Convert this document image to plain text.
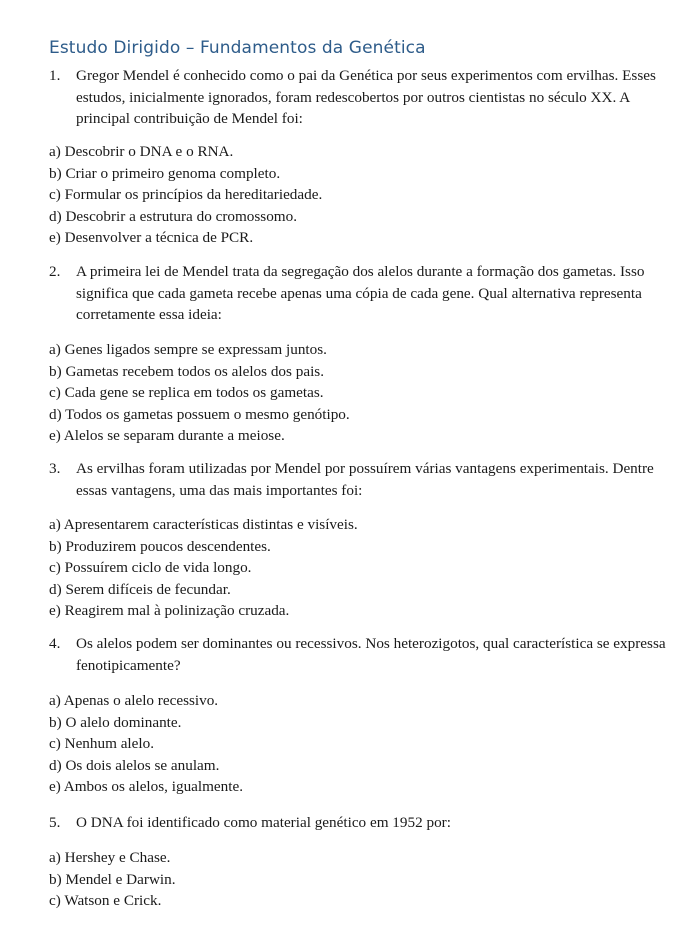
Estudo Dirigido – Fundamentos da Genética
1. Gregor Mendel é conhecido como o pai da Genética por seus experimentos com ervilhas. Esses estudos, inicialmente ignorados, foram redescobertos por outros cientistas no século XX. A principal contribuição de Mendel foi:
a) Descobrir o DNA e o RNA.
b) Criar o primeiro genoma completo.
c) Formular os princípios da hereditariedade.
d) Descobrir a estrutura do cromossomo.
e) Desenvolver a técnica de PCR.
2. A primeira lei de Mendel trata da segregação dos alelos durante a formação dos gametas. Isso significa que cada gameta recebe apenas uma cópia de cada gene. Qual alternativa representa corretamente essa ideia:
a) Genes ligados sempre se expressam juntos.
b) Gametas recebem todos os alelos dos pais.
c) Cada gene se replica em todos os gametas.
d) Todos os gametas possuem o mesmo genótipo.
e) Alelos se separam durante a meiose.
3. As ervilhas foram utilizadas por Mendel por possuírem várias vantagens experimentais. Dentre essas vantagens, uma das mais importantes foi:
a) Apresentarem características distintas e visíveis.
b) Produzirem poucos descendentes.
c) Possuírem ciclo de vida longo.
d) Serem difíceis de fecundar.
e) Reagirem mal à polinização cruzada.
4. Os alelos podem ser dominantes ou recessivos. Nos heterozigotos, qual característica se expressa fenotipicamente?
a) Apenas o alelo recessivo.
b) O alelo dominante.
c) Nenhum alelo.
d) Os dois alelos se anulam.
e) Ambos os alelos, igualmente.
5. O DNA foi identificado como material genético em 1952 por:
a) Hershey e Chase.
b) Mendel e Darwin.
c) Watson e Crick.
